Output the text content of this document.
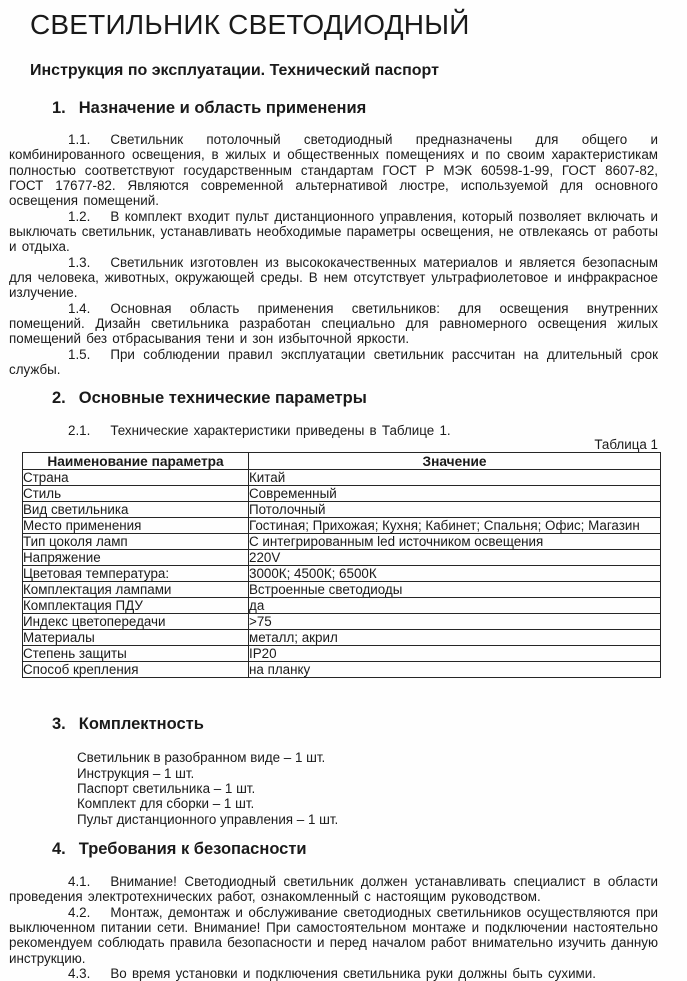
СВЕТИЛЬНИК СВЕТОДИОДНЫЙ
Инструкция по эксплуатации. Технический паспорт
1. Назначение и область применения

1.1. Светильник потолочный светодиодный предназначены для общего и комбинированного освещения, в жилых и общественных помещениях и по своим характеристикам полностью соответствуют государственным стандартам ГОСТ Р МЭК 60598-1-99, ГОСТ 8607-82, ГОСТ 17677-82. Являются современной альтернативой люстре, используемой для основного освещения помещений.

1.2. В комплект входит пульт дистанционного управления, который позволяет включать и выключать светильник, устанавливать необходимые параметры освещения, не отвлекаясь от работы и отдыха.

1.3. Светильник изготовлен из высококачественных материалов и является безопасным для человека, животных, окружающей среды. В нем отсутствует ультрафиолетовое и инфракрасное излучение.

1.4. Основная область применения светильников: для освещения внутренних помещений. Дизайн светильника разработан специально для равномерного освещения жилых помещений без отбрасывания тени и зон избыточной яркости.

1.5. При соблюдении правил эксплуатации светильник рассчитан на длительный срок службы.

2. Основные технические параметры

2.1. Технические характеристики приведены в Таблице 1.

Таблица 1

Наименование параметра	Значение
Страна	Китай
Стиль	Современный
Вид светильника	Потолочный
Место применения	Гостиная; Прихожая; Кухня; Кабинет; Спальня; Офис; Магазин
Тип цоколя ламп	С интегрированным led источником освещения
Напряжение	220V
Цветовая температура:	3000К; 4500К; 6500К
Комплектация лампами	Встроенные светодиоды
Комплектация ПДУ	да
Индекс цветопередачи	>75
Материалы	металл; акрил
Степень защиты	IP20
Способ крепления	на планку
3. Комплектность
Светильник в разобранном виде – 1 шт.
Инструкция – 1 шт.
Паспорт светильника – 1 шт.
Комплект для сборки – 1 шт.
Пульт дистанционного управления – 1 шт.
4. Требования к безопасности

4.1. Внимание! Светодиодный светильник должен устанавливать специалист в области проведения электротехнических работ, ознакомленный с настоящим руководством.

4.2. Монтаж, демонтаж и обслуживание светодиодных светильников осуществляются при выключенном питании сети. Внимание! При самостоятельном монтаже и подключении настоятельно рекомендуем соблюдать правила безопасности и перед началом работ внимательно изучить данную инструкцию.

4.3. Во время установки и подключения светильника руки должны быть сухими.
